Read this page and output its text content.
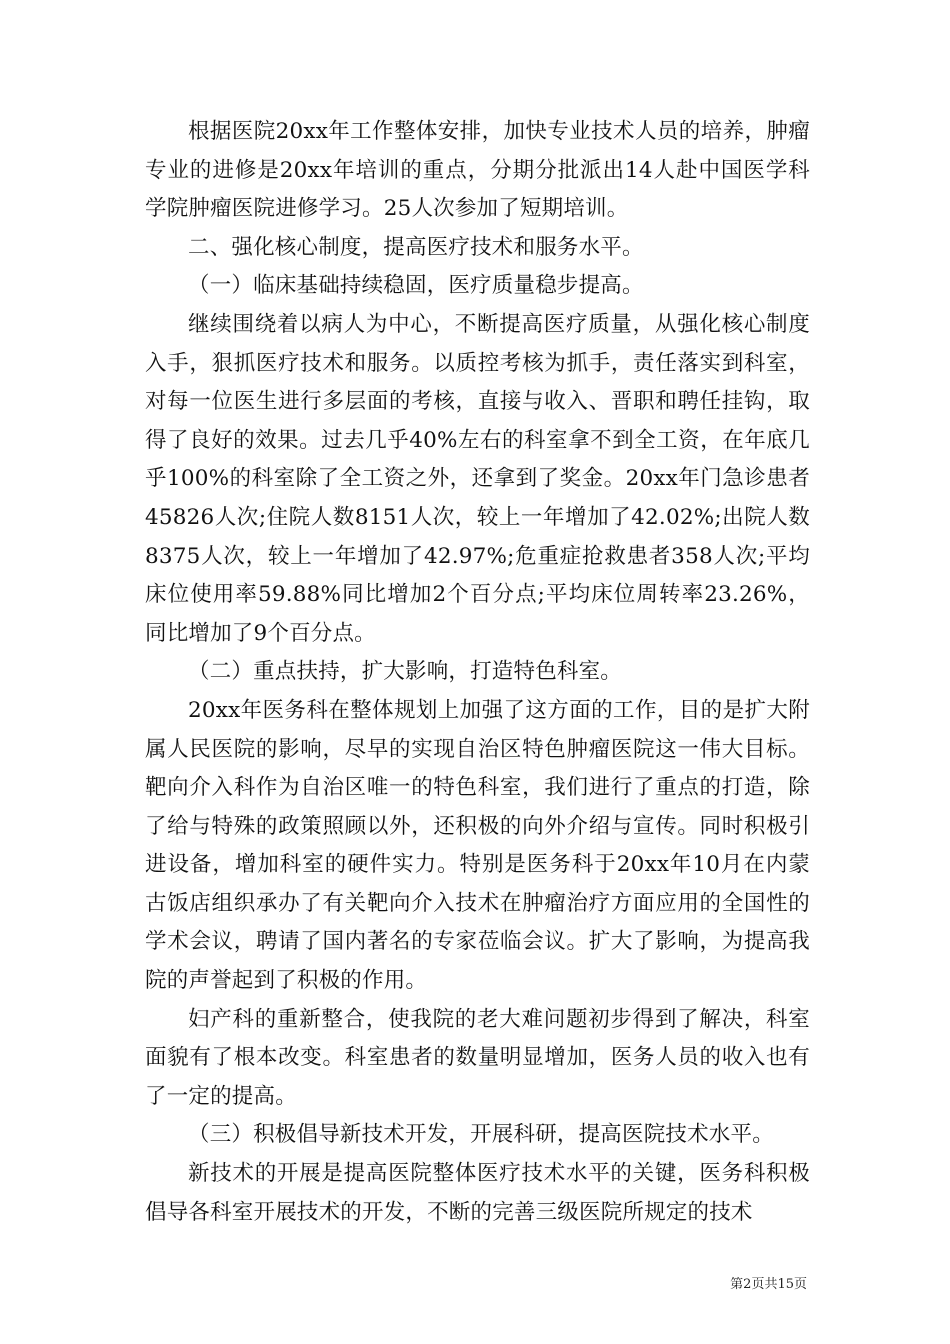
根据医院20xx年工作整体安排，加快专业技术人员的培养，肿瘤专业的进修是20xx年培训的重点，分期分批派出14人赴中国医学科学院肿瘤医院进修学习。25人次参加了短期培训。

二、强化核心制度，提高医疗技术和服务水平。

（一）临床基础持续稳固，医疗质量稳步提高。

继续围绕着以病人为中心，不断提高医疗质量，从强化核心制度入手，狠抓医疗技术和服务。以质控考核为抓手，责任落实到科室，对每一位医生进行多层面的考核，直接与收入、晋职和聘任挂钩，取得了良好的效果。过去几乎40%左右的科室拿不到全工资，在年底几乎100%的科室除了全工资之外，还拿到了奖金。20xx年门急诊患者45826人次;住院人数8151人次，较上一年增加了42.02%;出院人数8375人次，较上一年增加了42.97%;危重症抢救患者358人次;平均床位使用率59.88%同比增加2个百分点;平均床位周转率23.26%，同比增加了9个百分点。

（二）重点扶持，扩大影响，打造特色科室。

20xx年医务科在整体规划上加强了这方面的工作，目的是扩大附属人民医院的影响，尽早的实现自治区特色肿瘤医院这一伟大目标。靶向介入科作为自治区唯一的特色科室，我们进行了重点的打造，除了给与特殊的政策照顾以外，还积极的向外介绍与宣传。同时积极引进设备，增加科室的硬件实力。特别是医务科于20xx年10月在内蒙古饭店组织承办了有关靶向介入技术在肿瘤治疗方面应用的全国性的学术会议，聘请了国内著名的专家莅临会议。扩大了影响，为提高我院的声誉起到了积极的作用。

妇产科的重新整合，使我院的老大难问题初步得到了解决，科室面貌有了根本改变。科室患者的数量明显增加，医务人员的收入也有了一定的提高。

（三）积极倡导新技术开发，开展科研，提高医院技术水平。

新技术的开展是提高医院整体医疗技术水平的关键，医务科积极倡导各科室开展技术的开发，不断的完善三级医院所规定的技术

第2页共15页
